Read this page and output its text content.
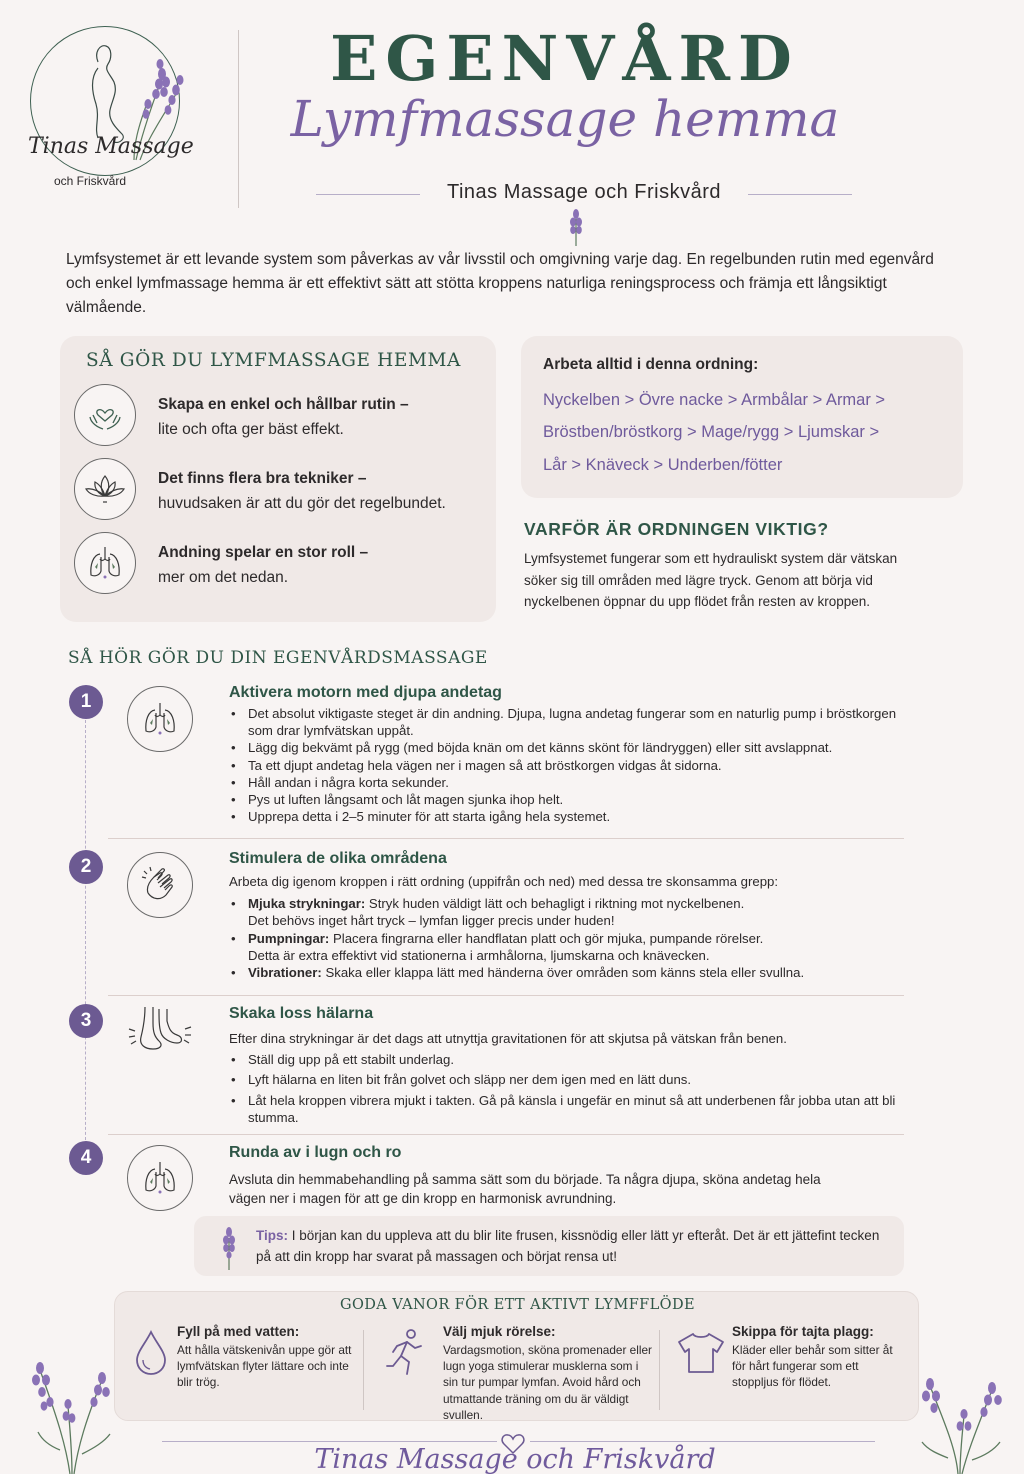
Tinas Massage
och Friskvård
EGENVÅRD
Lymfmassage hemma
Tinas Massage och Friskvård

Lymfsystemet är ett levande system som påverkas av vår livsstil och omgivning varje dag. En regelbunden rutin med egenvård och enkel lymfmassage hemma är ett effektivt sätt att stötta kroppens naturliga reningsprocess och främja ett långsiktigt välmående.

SÅ GÖR DU LYMFMASSAGE HEMMA
Skapa en enkel och hållbar rutin –
lite och ofta ger bäst effekt.
Det finns flera bra tekniker –
huvudsaken är att du gör det regelbundet.
Andning spelar en stor roll –
mer om det nedan.
Arbeta alltid i denna ordning:
Nyckelben > Övre nacke > Armbålar > Armar >
Bröstben/bröstkorg > Mage/rygg > Ljumskar >
Lår > Knäveck > Underben/fötter
VARFÖR ÄR ORDNINGEN VIKTIG?

Lymfsystemet fungerar som ett hydrauliskt system där vätskan söker sig till områden med lägre tryck. Genom att börja vid nyckelbenen öppnar du upp flödet från resten av kroppen.

SÅ HÖR GÖR DU DIN EGENVÅRDSMASSAGE
1	Aktivera motorn med djupa andetag
• Det absolut viktigaste steget är din andning. Djupa, lugna andetag fungerar som en naturlig pump i bröstkorgen som drar lymfvätskan uppåt.
• Lägg dig bekvämt på rygg (med böjda knän om det känns skönt för ländryggen) eller sitt avslappnat.
• Ta ett djupt andetag hela vägen ner i magen så att bröstkorgen vidgas åt sidorna.
• Håll andan i några korta sekunder.
• Pys ut luften långsamt och låt magen sjunka ihop helt.
• Upprepa detta i 2–5 minuter för att starta igång hela systemet.
2	Stimulera de olika områdena
Arbeta dig igenom kroppen i rätt ordning (uppifrån och ned) med dessa tre skonsamma grepp:
• Mjuka strykningar: Stryk huden väldigt lätt och behagligt i riktning mot nyckelbenen.
Det behövs inget hårt tryck – lymfan ligger precis under huden!
• Pumpningar: Placera fingrarna eller handflatan platt och gör mjuka, pumpande rörelser.
Detta är extra effektivt vid stationerna i armhålorna, ljumskarna och knävecken.
• Vibrationer: Skaka eller klappa lätt med händerna över områden som känns stela eller svullna.
3	Skaka loss hälarna
Efter dina strykningar är det dags att utnyttja gravitationen för att skjutsa på vätskan från benen.
• Ställ dig upp på ett stabilt underlag.
• Lyft hälarna en liten bit från golvet och släpp ner dem igen med en lätt duns.
• Låt hela kroppen vibrera mjukt i takten. Gå på känsla i ungefär en minut så att underbenen får jobba utan att bli stumma.
4	Runda av i lugn och ro
Avsluta din hemmabehandling på samma sätt som du började. Ta några djupa, sköna andetag hela vägen ner i magen för att ge din kropp en harmonisk avrundning.
Tips: I början kan du uppleva att du blir lite frusen, kissnödig eller lätt yr efteråt. Det är ett jättefint tecken på att din kropp har svarat på massagen och börjat rensa ut!
GODA VANOR FÖR ETT AKTIVT LYMFFLÖDE
Fyll på med vatten:
Att hålla vätskenivån uppe gör att lymfvätskan flyter lättare och inte blir trög.
Välj mjuk rörelse:
Vardagsmotion, sköna promenader eller lugn yoga stimulerar musklerna som i sin tur pumpar lymfan. Avoid hård och utmattande träning om du är väldigt svullen.
Skippa för tajta plagg:
Kläder eller behår som sitter åt för hårt fungerar som ett stoppljus för flödet.
Tinas Massage och Friskvård
